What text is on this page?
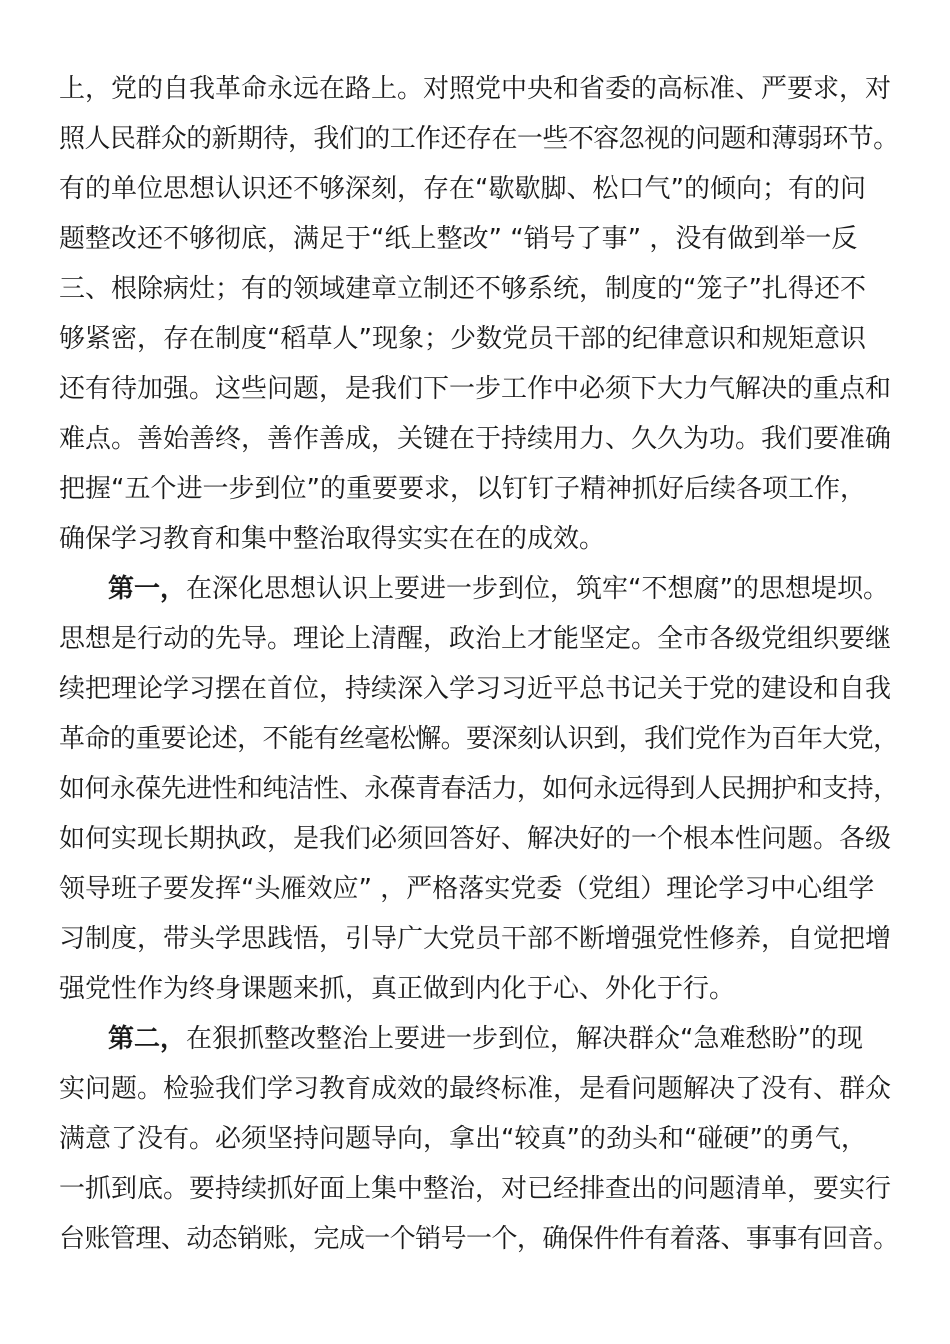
上，党的自我革命永远在路上。对照党中央和省委的高标准、严要求，对
照人民群众的新期待，我们的工作还存在一些不容忽视的问题和薄弱环节。
有的单位思想认识还不够深刻，存在“歇歇脚、松口气”的倾向；有的问
题整改还不够彻底，满足于“纸上整改” “销号了事” ，没有做到举一反
三、根除病灶；有的领域建章立制还不够系统，制度的“笼子”扎得还不
够紧密，存在制度“稻草人”现象；少数党员干部的纪律意识和规矩意识
还有待加强。这些问题，是我们下一步工作中必须下大力气解决的重点和
难点。善始善终，善作善成，关键在于持续用力、久久为功。我们要准确
把握“五个进一步到位”的重要要求，以钉钉子精神抓好后续各项工作，
确保学习教育和集中整治取得实实在在的成效。
第一，在深化思想认识上要进一步到位，筑牢“不想腐”的思想堤坝。
思想是行动的先导。理论上清醒，政治上才能坚定。全市各级党组织要继
续把理论学习摆在首位，持续深入学习习近平总书记关于党的建设和自我
革命的重要论述，不能有丝毫松懈。要深刻认识到，我们党作为百年大党，
如何永葆先进性和纯洁性、永葆青春活力，如何永远得到人民拥护和支持，
如何实现长期执政，是我们必须回答好、解决好的一个根本性问题。各级
领导班子要发挥“头雁效应” ，严格落实党委（党组）理论学习中心组学
习制度，带头学思践悟，引导广大党员干部不断增强党性修养，自觉把增
强党性作为终身课题来抓，真正做到内化于心、外化于行。
第二，在狠抓整改整治上要进一步到位，解决群众“急难愁盼”的现
实问题。检验我们学习教育成效的最终标准，是看问题解决了没有、群众
满意了没有。必须坚持问题导向，拿出“较真”的劲头和“碰硬”的勇气，
一抓到底。要持续抓好面上集中整治，对已经排查出的问题清单，要实行
台账管理、动态销账，完成一个销号一个，确保件件有着落、事事有回音。
